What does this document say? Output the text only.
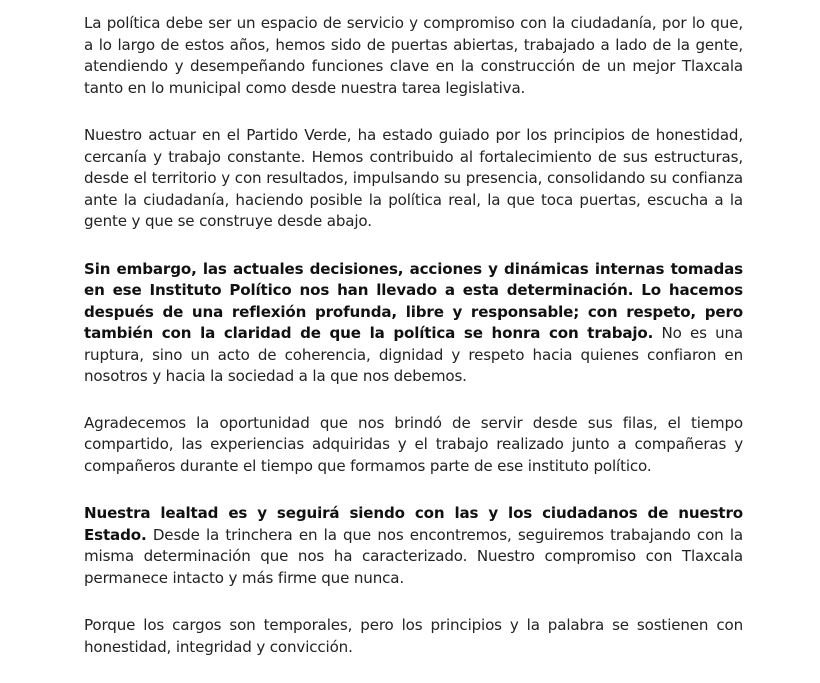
La política debe ser un espacio de servicio y compromiso con la ciudadanía, por lo que, a lo largo de estos años, hemos sido de puertas abiertas, trabajado a lado de la gente, atendiendo y desempeñando funciones clave en la construcción de un mejor Tlaxcala tanto en lo municipal como desde nuestra tarea legislativa.

Nuestro actuar en el Partido Verde, ha estado guiado por los principios de honestidad, cercanía y trabajo constante. Hemos contribuido al fortalecimiento de sus estructuras, desde el territorio y con resultados, impulsando su presencia, consolidando su confianza ante la ciudadanía, haciendo posible la política real, la que toca puertas, escucha a la gente y que se construye desde abajo.

Sin embargo, las actuales decisiones, acciones y dinámicas internas tomadas en ese Instituto Político nos han llevado a esta determinación. Lo hacemos después de una reflexión profunda, libre y responsable; con respeto, pero también con la claridad de que la política se honra con trabajo. No es una ruptura, sino un acto de coherencia, dignidad y respeto hacia quienes confiaron en nosotros y hacia la sociedad a la que nos debemos.

Agradecemos la oportunidad que nos brindó de servir desde sus filas, el tiempo compartido, las experiencias adquiridas y el trabajo realizado junto a compañeras y compañeros durante el tiempo que formamos parte de ese instituto político.

Nuestra lealtad es y seguirá siendo con las y los ciudadanos de nuestro Estado. Desde la trinchera en la que nos encontremos, seguiremos trabajando con la misma determinación que nos ha caracterizado. Nuestro compromiso con Tlaxcala permanece intacto y más firme que nunca.

Porque los cargos son temporales, pero los principios y la palabra se sostienen con honestidad, integridad y convicción.
